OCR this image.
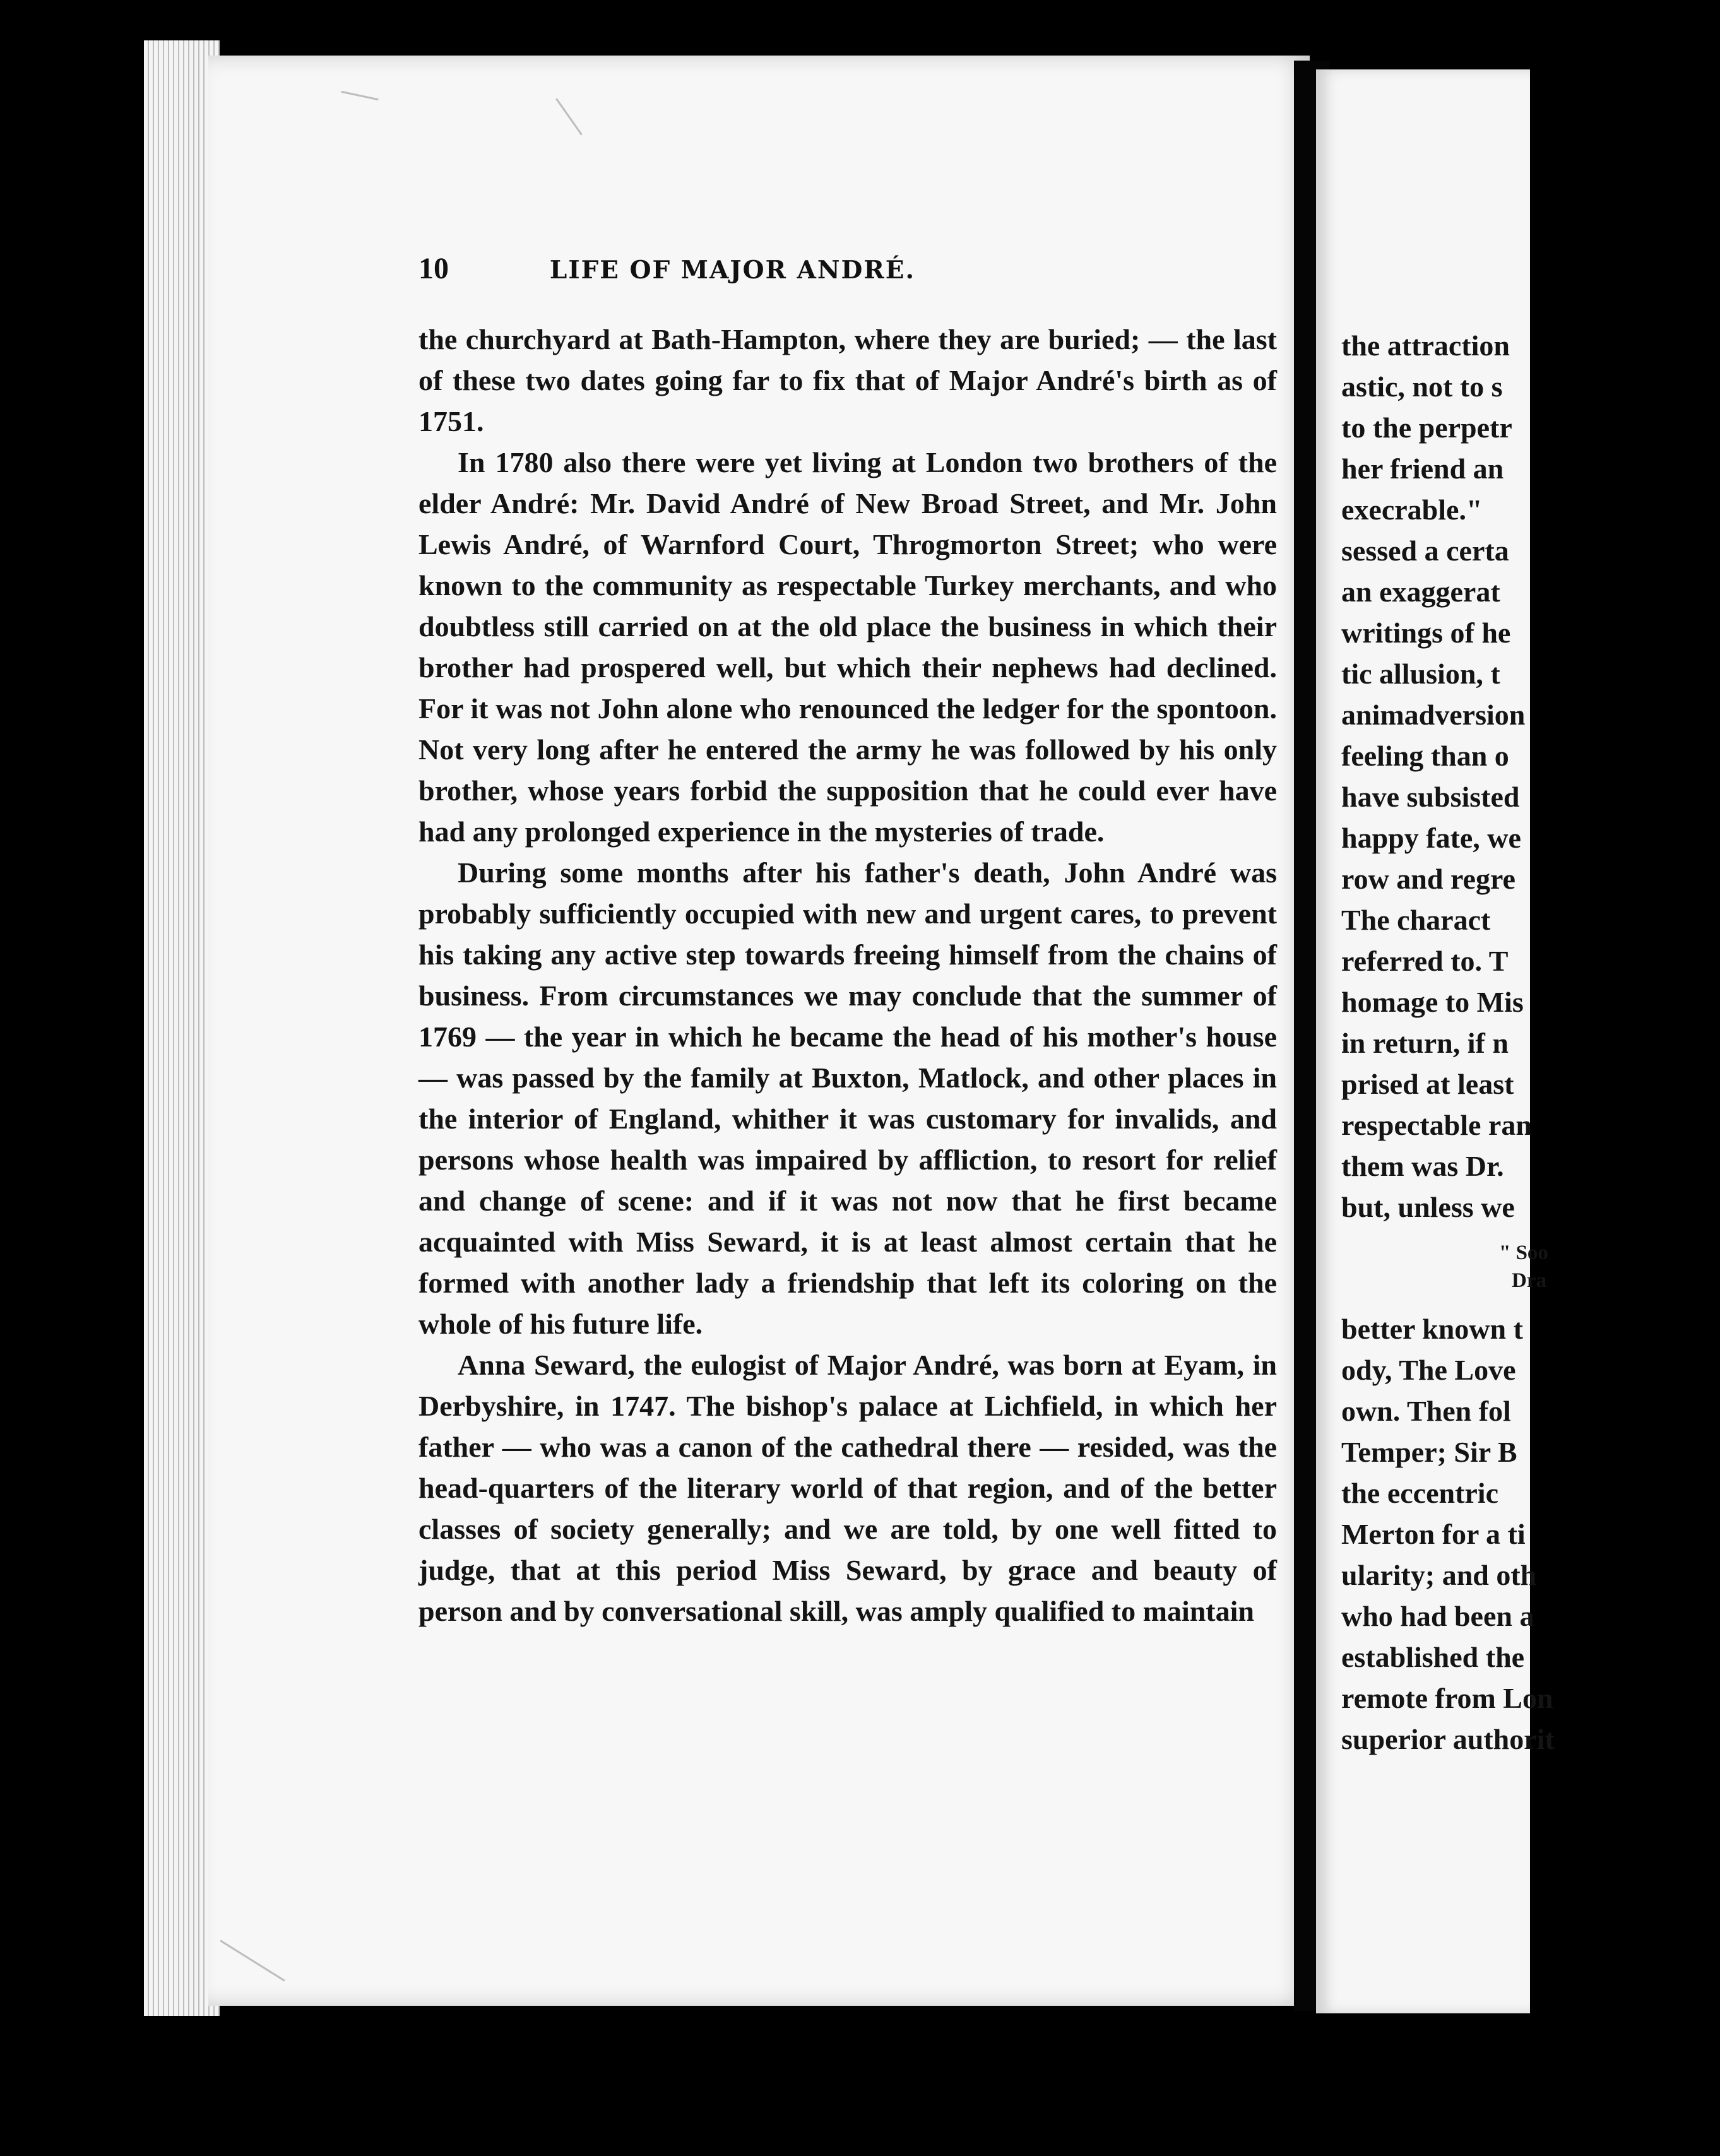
10	LIFE OF MAJOR ANDRÉ.

the churchyard at Bath-Hampton, where they are buried; — the last of these two dates going far to fix that of Major André's birth as of 1751.

In 1780 also there were yet living at London two brothers of the elder André: Mr. David André of New Broad Street, and Mr. John Lewis André, of Warnford Court, Throgmorton Street; who were known to the community as respectable Turkey merchants, and who doubtless still carried on at the old place the business in which their brother had prospered well, but which their nephews had declined. For it was not John alone who renounced the ledger for the spontoon. Not very long after he entered the army he was followed by his only brother, whose years forbid the supposition that he could ever have had any prolonged experience in the mysteries of trade.

During some months after his father's death, John André was probably sufficiently occupied with new and urgent cares, to prevent his taking any active step towards freeing himself from the chains of business. From circumstances we may conclude that the summer of 1769 — the year in which he became the head of his mother's house — was passed by the family at Buxton, Matlock, and other places in the interior of England, whither it was customary for invalids, and persons whose health was impaired by affliction, to resort for relief and change of scene: and if it was not now that he first became acquainted with Miss Seward, it is at least almost certain that he formed with another lady a friendship that left its coloring on the whole of his future life.

Anna Seward, the eulogist of Major André, was born at Eyam, in Derbyshire, in 1747. The bishop's palace at Lichfield, in which her father — who was a canon of the cathedral there — resided, was the head-quarters of the literary world of that region, and of the better classes of society generally; and we are told, by one well fitted to judge, that at this period Miss Seward, by grace and beauty of person and by conversational skill, was amply qualified to maintain

the attraction
astic, not to s
to the perpetr
her friend an
execrable."
sessed a certa
an exaggerat
writings of he
tic allusion, t
animadversion
feeling than o
have subsisted
happy fate, we
row and regre
The charact
referred to. T
homage to Mis
in return, if n
prised at least
respectable ran
them was Dr.
but, unless we
" Soo
Dra
better known t
ody, The Love
own. Then fol
Temper; Sir B
the eccentric
Merton for a ti
ularity; and oth
who had been a
established the
remote from Lon
superior authorit
